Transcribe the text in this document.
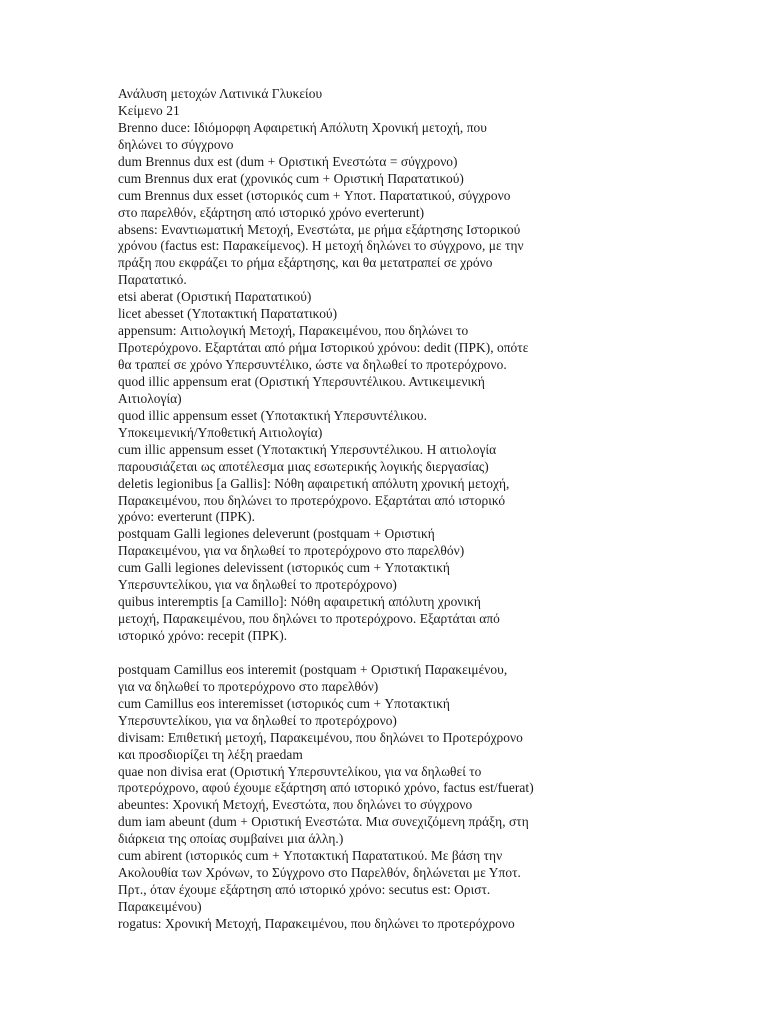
Ανάλυση μετοχών Λατινικά Γλυκείου
Κείμενο 21
Brenno duce: Ιδιόμορφη Αφαιρετική Απόλυτη Χρονική μετοχή, που
δηλώνει το σύγχρονο
dum Brennus dux est (dum + Οριστική Ενεστώτα = σύγχρονο)
cum Brennus dux erat (χρονικός cum + Οριστική Παρατατικού)
cum Brennus dux esset (ιστορικός cum + Υποτ. Παρατατικού, σύγχρονο
στο παρελθόν, εξάρτηση από ιστορικό χρόνο everterunt)
absens: Εναντιωματική Μετοχή, Ενεστώτα, με ρήμα εξάρτησης Ιστορικού
χρόνου (factus est: Παρακείμενος). Η μετοχή δηλώνει το σύγχρονο, με την
πράξη που εκφράζει το ρήμα εξάρτησης, και θα μετατραπεί σε χρόνο
Παρατατικό.
etsi aberat (Οριστική Παρατατικού)
licet abesset (Υποτακτική Παρατατικού)
appensum: Αιτιολογική Μετοχή, Παρακειμένου, που δηλώνει το
Προτερόχρονο. Εξαρτάται από ρήμα Ιστορικού χρόνου: dedit (ΠΡΚ), οπότε
θα τραπεί σε χρόνο Υπερσυντέλικο, ώστε να δηλωθεί το προτερόχρονο.
quod illic appensum erat (Οριστική Υπερσυντέλικου. Αντικειμενική
Αιτιολογία)
quod illic appensum esset (Υποτακτική Υπερσυντέλικου.
Υποκειμενική/Υποθετική Αιτιολογία)
cum illic appensum esset (Υποτακτική Υπερσυντέλικου. Η αιτιολογία
παρουσιάζεται ως αποτέλεσμα μιας εσωτερικής λογικής διεργασίας)
deletis legionibus [a Gallis]: Νόθη αφαιρετική απόλυτη χρονική μετοχή,
Παρακειμένου, που δηλώνει το προτερόχρονο. Εξαρτάται από ιστορικό
χρόνο: everterunt (ΠΡΚ).
postquam Galli legiones deleverunt (postquam + Οριστική
Παρακειμένου, για να δηλωθεί το προτερόχρονο στο παρελθόν)
cum Galli legiones delevissent (ιστορικός cum + Υποτακτική
Υπερσυντελίκου, για να δηλωθεί το προτερόχρονο)
quibus interemptis [a Camillo]: Νόθη αφαιρετική απόλυτη χρονική
μετοχή, Παρακειμένου, που δηλώνει το προτερόχρονο. Εξαρτάται από
ιστορικό χρόνο: recepit (ΠΡΚ).
postquam Camillus eos interemit (postquam + Οριστική Παρακειμένου,
για να δηλωθεί το προτερόχρονο στο παρελθόν)
cum Camillus eos interemisset (ιστορικός cum + Υποτακτική
Υπερσυντελίκου, για να δηλωθεί το προτερόχρονο)
divisam: Επιθετική μετοχή, Παρακειμένου, που δηλώνει το Προτερόχρονο
και προσδιορίζει τη λέξη praedam
quae non divisa erat (Οριστική Υπερσυντελίκου, για να δηλωθεί το
προτερόχρονο, αφού έχουμε εξάρτηση από ιστορικό χρόνο, factus est/fuerat)
abeuntes: Χρονική Μετοχή, Ενεστώτα, που δηλώνει το σύγχρονο
dum iam abeunt (dum + Οριστική Ενεστώτα. Μια συνεχιζόμενη πράξη, στη
διάρκεια της οποίας συμβαίνει μια άλλη.)
cum abirent (ιστορικός cum + Υποτακτική Παρατατικού. Με βάση την
Ακολουθία των Χρόνων, το Σύγχρονο στο Παρελθόν, δηλώνεται με Υποτ.
Πρτ., όταν έχουμε εξάρτηση από ιστορικό χρόνο: secutus est: Οριστ.
Παρακειμένου)
rogatus: Χρονική Μετοχή, Παρακειμένου, που δηλώνει το προτερόχρονο
